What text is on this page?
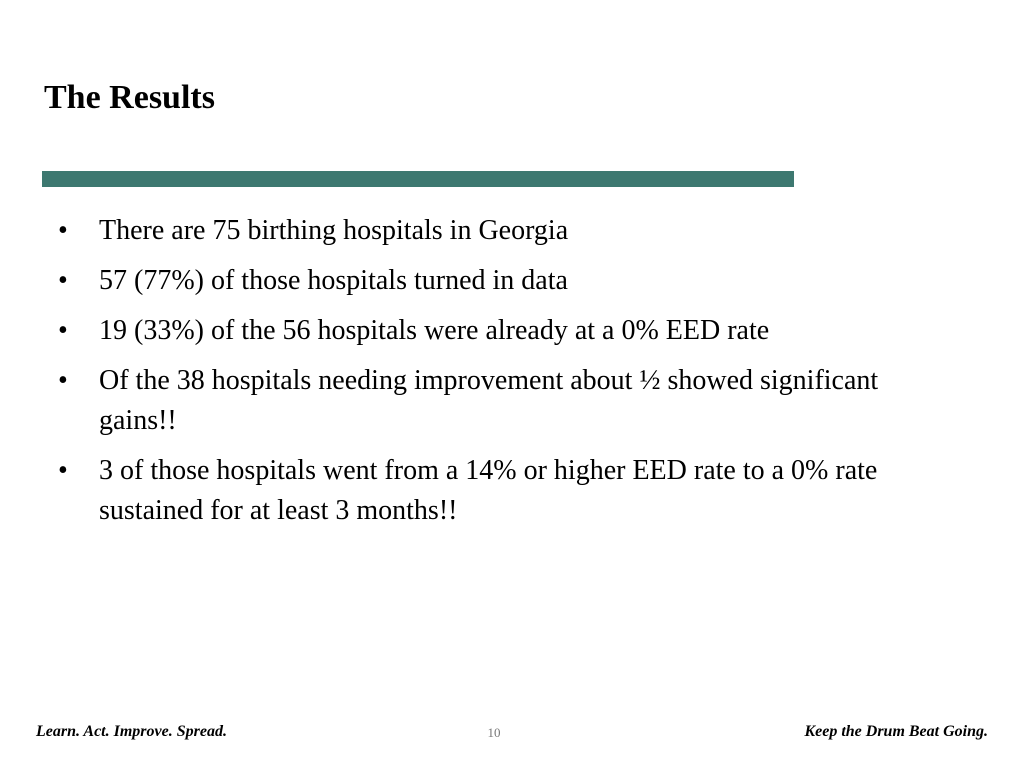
The Results
• There are 75 birthing hospitals in Georgia
• 57 (77%) of those hospitals turned in data
• 19 (33%) of the 56 hospitals were already at a 0% EED rate
• Of the 38 hospitals needing improvement about ½ showed significant gains!!
• 3 of those hospitals went from a 14% or higher EED rate to a 0% rate sustained for at least 3 months!!
Learn. Act. Improve. Spread.	10	Keep the Drum Beat Going.
